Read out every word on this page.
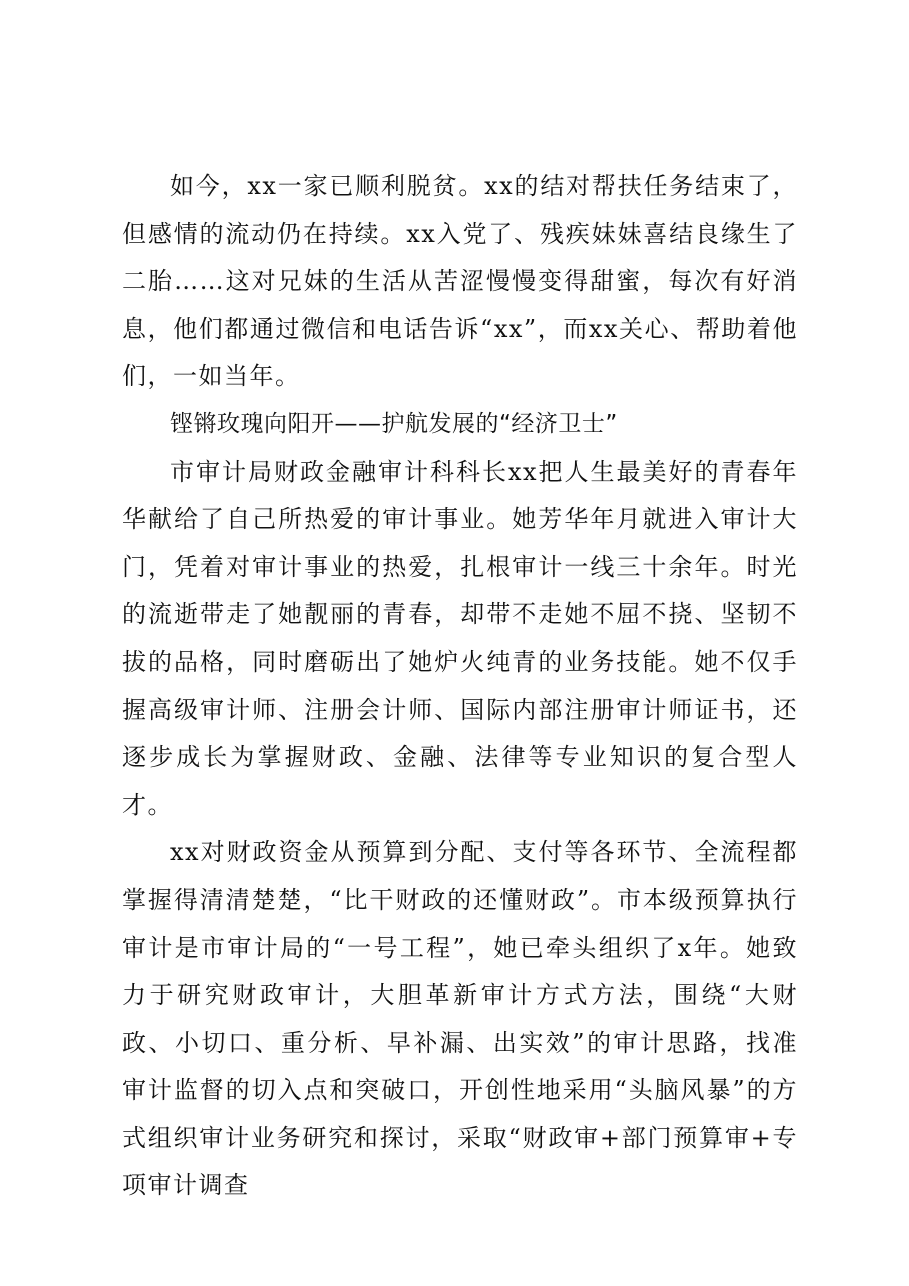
如今，xx一家已顺利脱贫。xx的结对帮扶任务结束了，但感情的流动仍在持续。xx入党了、残疾妹妹喜结良缘生了二胎……这对兄妹的生活从苦涩慢慢变得甜蜜，每次有好消息，他们都通过微信和电话告诉“xx”，而xx关心、帮助着他们，一如当年。

铿锵玫瑰向阳开——护航发展的“经济卫士”

市审计局财政金融审计科科长xx把人生最美好的青春年华献给了自己所热爱的审计事业。她芳华年月就进入审计大门，凭着对审计事业的热爱，扎根审计一线三十余年。时光的流逝带走了她靓丽的青春，却带不走她不屈不挠、坚韧不拔的品格，同时磨砺出了她炉火纯青的业务技能。她不仅手握高级审计师、注册会计师、国际内部注册审计师证书，还逐步成长为掌握财政、金融、法律等专业知识的复合型人才。

xx对财政资金从预算到分配、支付等各环节、全流程都掌握得清清楚楚，“比干财政的还懂财政”。市本级预算执行审计是市审计局的“一号工程”，她已牵头组织了x年。她致力于研究财政审计，大胆革新审计方式方法，围绕“大财政、小切口、重分析、早补漏、出实效”的审计思路，找准审计监督的切入点和突破口，开创性地采用“头脑风暴”的方式组织审计业务研究和探讨，采取“财政审+部门预算审+专项审计调查
